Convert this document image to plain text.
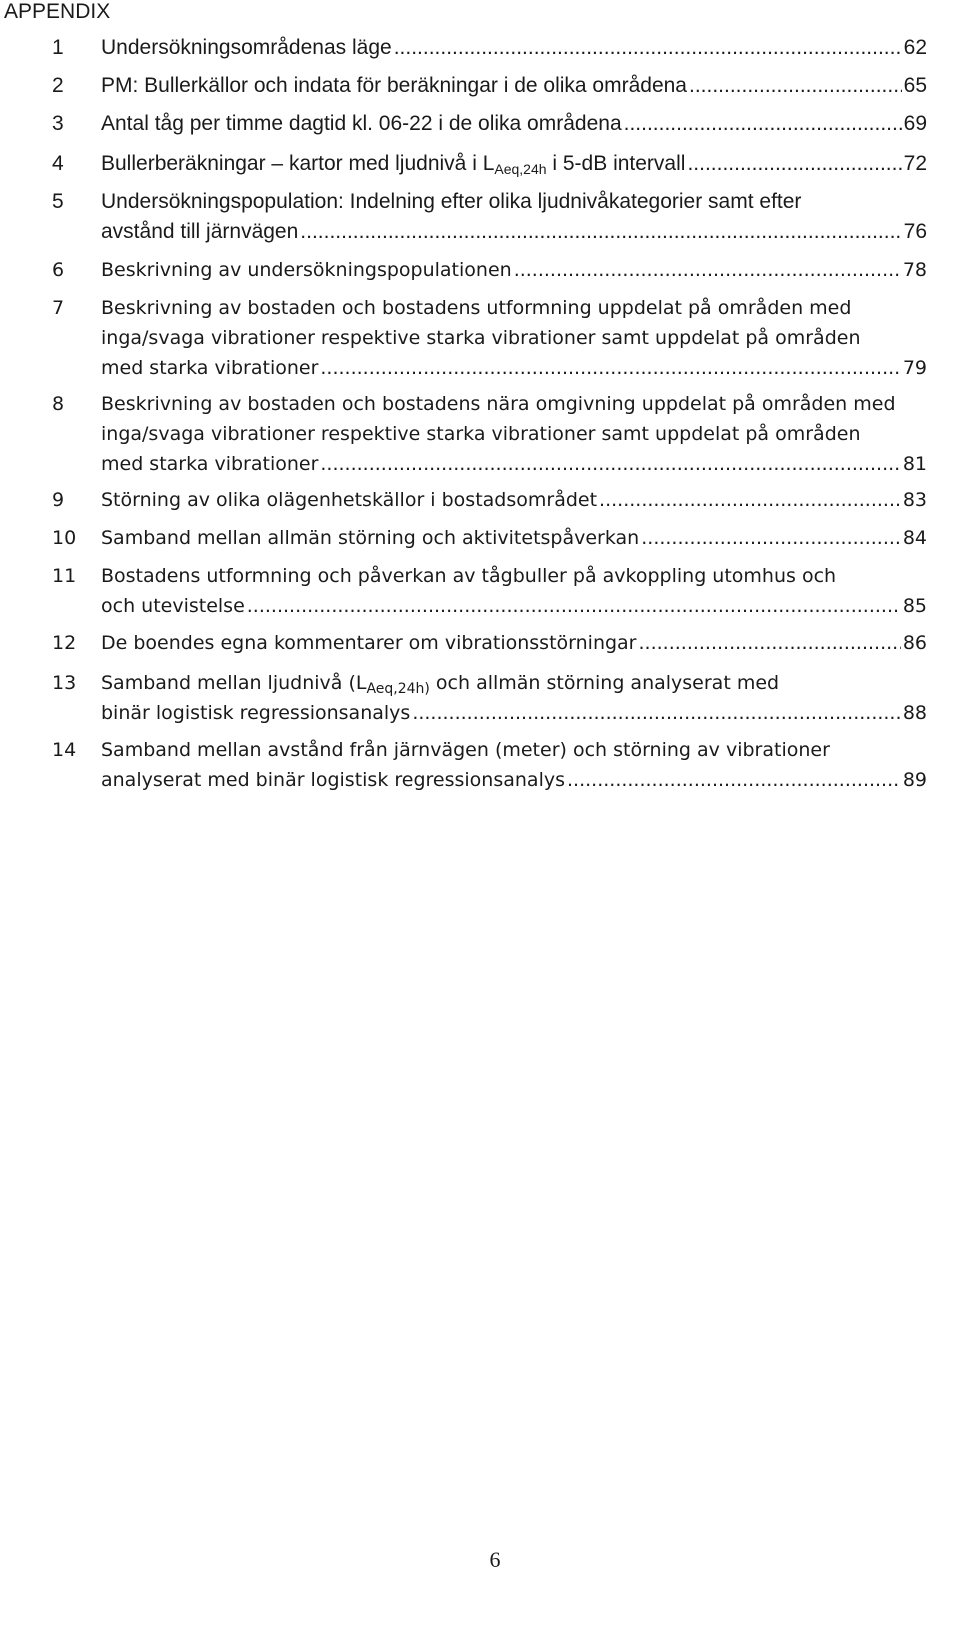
APPENDIX
1 Undersökningsområdenas läge .....	62
2 PM: Bullerkällor och indata för beräkningar i de olika områdena .....	65
3 Antal tåg per timme dagtid kl. 06-22 i de olika områdena .....	69
4 Bullerberäkningar – kartor med ljudnivå i $L_{Aeq,24h}$ i 5-dB intervall .....	72
5 Undersökningspopulation: Indelning efter olika ljudnivåkategorier samt efter
avstånd till järnvägen .....	76
6 Beskrivning av undersökningspopulationen .....	78
7 Beskrivning av bostaden och bostadens utformning uppdelat på områden med
inga/svaga vibrationer respektive starka vibrationer samt uppdelat på områden
med starka vibrationer .....	79
8 Beskrivning av bostaden och bostadens nära omgivning uppdelat på områden med
inga/svaga vibrationer respektive starka vibrationer samt uppdelat på områden
med starka vibrationer .....	81
9 Störning av olika olägenhetskällor i bostadsområdet .....	83
10 Samband mellan allmän störning och aktivitetspåverkan .....	84
11 Bostadens utformning och påverkan av tågbuller på avkoppling utomhus och
och utevistelse .....	85
12 De boendes egna kommentarer om vibrationsstörningar .....	86
13 Samband mellan ljudnivå ($L_{Aeq,24h)}$ och allmän störning analyserat med
binär logistisk regressionsanalys .....	88
14 Samband mellan avstånd från järnvägen (meter) och störning av vibrationer
analyserat med binär logistisk regressionsanalys .....	89
6
